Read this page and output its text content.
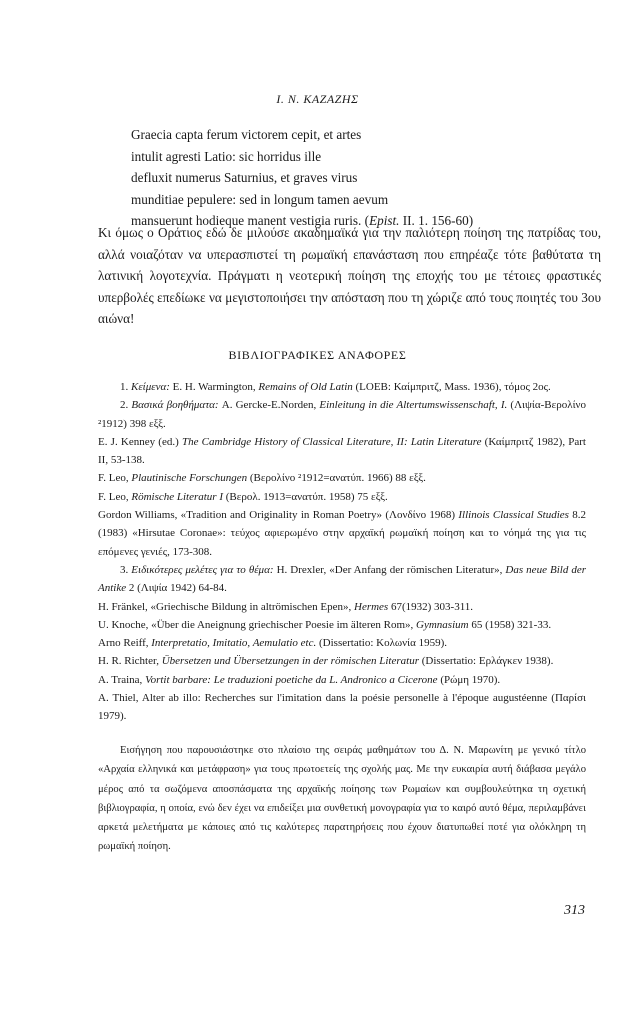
I. N. ΚΑΖΑΖΗΣ
Graecia capta ferum victorem cepit, et artes
intulit agresti Latio: sic horridus ille
defluxit numerus Saturnius, et graves virus
munditiae pepulere: sed in longum tamen aevum
mansuerunt hodieque manent vestigia ruris. (Epist. II. 1. 156-60)
Κι όμως ο Οράτιος εδώ δε μιλούσε ακαδημαϊκά για την παλιότερη ποίηση της πατρίδας του, αλλά νοιαζόταν να υπερασπιστεί τη ρωμαϊκή επανάσταση που επηρέαζε τότε βαθύτατα τη λατινική λογοτεχνία. Πράγματι η νεοτερική ποίηση της εποχής του με τέτοιες φραστικές υπερβολές επεδίωκε να μεγιστοποιήσει την απόσταση που τη χώριζε από τους ποιητές του 3ου αιώνα!
ΒΙΒΛΙΟΓΡΑΦΙΚΕΣ ΑΝΑΦΟΡΕΣ

1. Κείμενα: E. H. Warmington, Remains of Old Latin (LOEB: Καίμπριτζ, Mass. 1936), τόμος 2ος.

2. Βασικά βοηθήματα: A. Gercke-E.Norden, Einleitung in die Altertumswissenschaft, I. (Λιψία-Βερολίνο ²1912) 398 εξξ.

E. J. Kenney (ed.) The Cambridge History of Classical Literature, II: Latin Literature (Καίμπριτζ 1982), Part II, 53-138.

F. Leo, Plautinische Forschungen (Βερολίνο ²1912=ανατύπ. 1966) 88 εξξ.

F. Leo, Römische Literatur I (Βερολ. 1913=ανατύπ. 1958) 75 εξξ.

Gordon Williams, «Tradition and Originality in Roman Poetry» (Λονδίνο 1968) Illinois Classical Studies 8.2 (1983) «Hirsutae Coronae»: τεύχος αφιερωμένο στην αρχαϊκή ρωμαϊκή ποίηση και το νόημά της για τις επόμενες γενιές, 173-308.

3. Ειδικότερες μελέτες για το θέμα: H. Drexler, «Der Anfang der römischen Literatur», Das neue Bild der Antike 2 (Λιψία 1942) 64-84.

H. Fränkel, «Griechische Bildung in altrömischen Epen», Hermes 67(1932) 303-311.

U. Knoche, «Über die Aneignung griechischer Poesie im älteren Rom», Gymnasium 65 (1958) 321-33.

Arno Reiff, Interpretatio, Imitatio, Aemulatio etc. (Dissertatio: Κολωνία 1959).

H. R. Richter, Übersetzen und Übersetzungen in der römischen Literatur (Dissertatio: Ερλάγκεν 1938).

A. Traina, Vortit barbare: Le traduzioni poetiche da L. Andronico a Cicerone (Ρώμη 1970).

A. Thiel, Alter ab illo: Recherches sur l'imitation dans la poésie personelle à l'époque augustéenne (Παρίσι 1979).

Εισήγηση που παρουσιάστηκε στο πλαίσιο της σειράς μαθημάτων του Δ. Ν. Μαρωνίτη με γενικό τίτλο «Αρχαία ελληνικά και μετάφραση» για τους πρωτοετείς της σχολής μας. Με την ευκαιρία αυτή διάβασα μεγάλο μέρος από τα σωζόμενα αποσπάσματα της αρχαϊκής ποίησης των Ρωμαίων και συμβουλεύτηκα τη σχετική βιβλιογραφία, η οποία, ενώ δεν έχει να επιδείξει μια συνθετική μονογραφία για το καιρό αυτό θέμα, περιλαμβάνει αρκετά μελετήματα με κάποιες από τις καλύτερες παρατηρήσεις που έχουν διατυπωθεί ποτέ για ολόκληρη τη ρωμαϊκή ποίηση.

313
